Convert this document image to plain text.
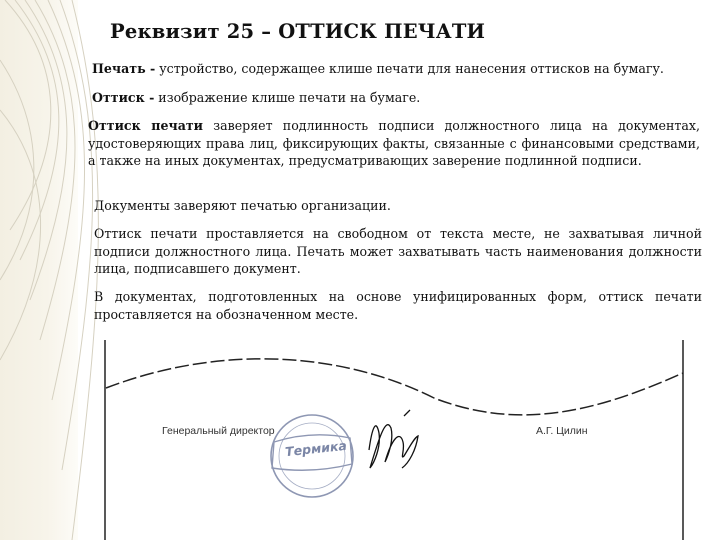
Реквизит 25 – ОТТИСК ПЕЧАТИ

Печать - устройство, содержащее клише печати для нанесения оттисков на бумагу.

Оттиск - изображение клише печати на бумаге.

Оттиск печати заверяет подлинность подписи должностного лица на документах, удостоверяющих права лиц, фиксирующих факты, связанные с финансовыми средствами, а также на иных документах, предусматривающих заверение подлинной подписи.

Документы заверяют печатью организации.

Оттиск печати проставляется на свободном от текста месте, не захватывая личной подписи должностного лица. Печать может захватывать часть наименования должности лица, подписавшего документ.

В документах, подготовленных на основе унифицированных форм, оттиск печати проставляется на обозначенном месте.

Генеральный директор
Термика
А.Г. Цилин
